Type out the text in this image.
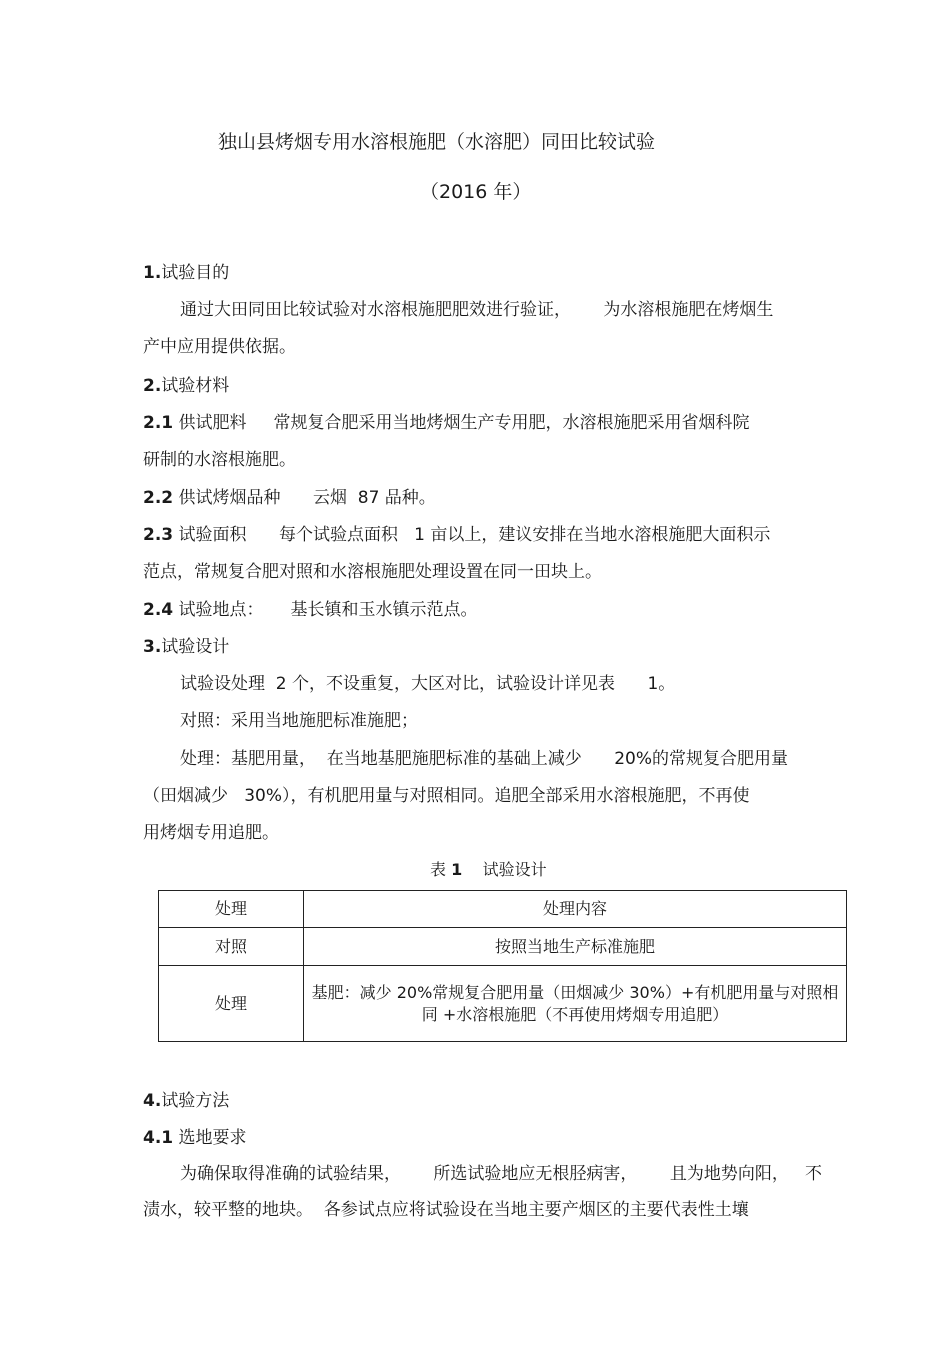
独山县烤烟专用水溶根施肥（水溶肥）同田比较试验
（2016 年）
1.试验目的
通过大田同田比较试验对水溶根施肥肥效进行验证，      为水溶根施肥在烤烟生
产中应用提供依据。
2.试验材料
2.1 供试肥料     常规复合肥采用当地烤烟生产专用肥，水溶根施肥采用省烟科院
研制的水溶根施肥。
2.2 供试烤烟品种      云烟  87 品种。
2.3 试验面积      每个试验点面积   1 亩以上，建议安排在当地水溶根施肥大面积示
范点，常规复合肥对照和水溶根施肥处理设置在同一田块上。
2.4 试验地点：     基长镇和玉水镇示范点。
3.试验设计
试验设处理  2 个，不设重复，大区对比，试验设计详见表      1。
对照：采用当地施肥标准施肥；
处理：基肥用量，  在当地基肥施肥标准的基础上减少      20%的常规复合肥用量
（田烟减少   30%），有机肥用量与对照相同。追肥全部采用水溶根施肥，不再使
用烤烟专用追肥。
表 1    试验设计
处理	处理内容
对照	按照当地生产标准施肥
处理	基肥：减少 20%常规复合肥用量（田烟减少 30%）+有机肥用量与对照相同 +水溶根施肥（不再使用烤烟专用追肥）
4.试验方法
4.1 选地要求
为确保取得准确的试验结果，      所选试验地应无根胫病害，      且为地势向阳，   不
渍水，较平整的地块。  各参试点应将试验设在当地主要产烟区的主要代表性土壤
